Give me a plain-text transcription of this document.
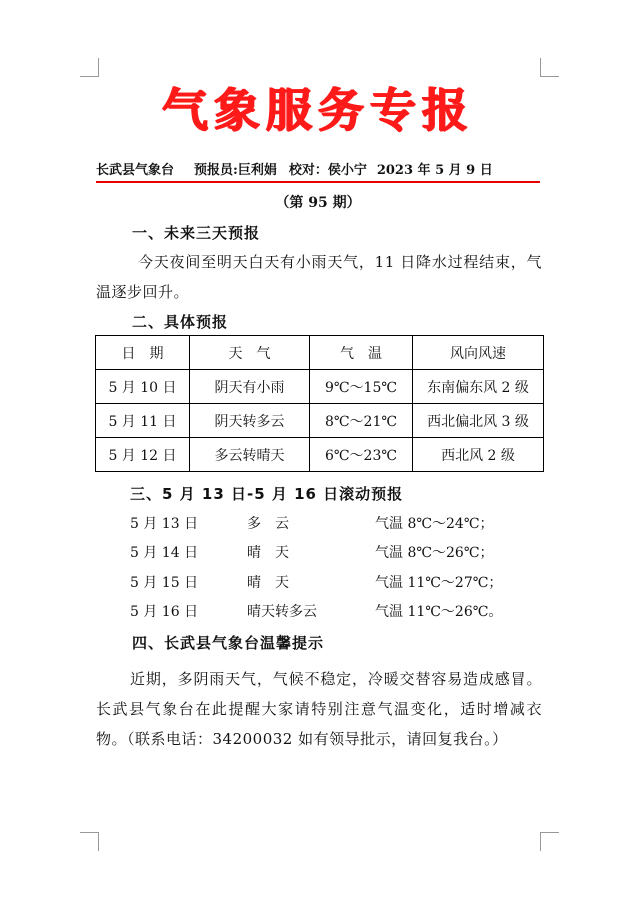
气象服务专报
长武县气象台 预报员:巨利娟 校对：侯小宁 2023 年 5 月 9 日
（第 95 期）
一、未来三天预报
今天夜间至明天白天有小雨天气，11 日降水过程结束，气温逐步回升。
二、具体预报
日　期	天　气	气　温	风向风速
5 月 10 日	阴天有小雨	9℃～15℃	东南偏东风 2 级
5 月 11 日	阴天转多云	8℃～21℃	西北偏北风 3 级
5 月 12 日	多云转晴天	6℃～23℃	西北风 2 级
三、5 月 13 日-5 月 16 日滚动预报
5 月 13 日	多　云	气温 8℃～24℃；
5 月 14 日	晴　天	气温 8℃～26℃；
5 月 15 日	晴　天	气温 11℃～27℃；
5 月 16 日	晴天转多云	气温 11℃～26℃。
四、长武县气象台温馨提示
近期，多阴雨天气，气候不稳定，冷暖交替容易造成感冒。长武县气象台在此提醒大家请特别注意气温变化，适时增减衣物。（联系电话：34200032 如有领导批示，请回复我台。）
